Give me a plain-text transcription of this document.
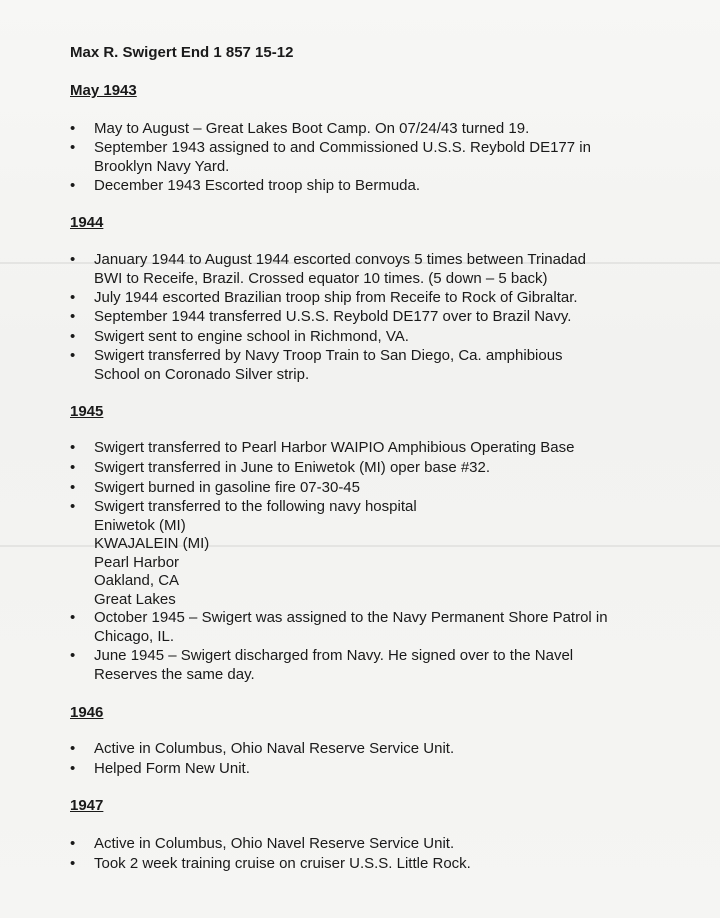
Max R. Swigert End 1 857 15-12
May 1943
•	May to August – Great Lakes Boot Camp. On 07/24/43 turned 19.
•	September 1943 assigned to and Commissioned U.S.S. Reybold DE177 in
Brooklyn Navy Yard.
•	December 1943 Escorted troop ship to Bermuda.
1944
•	January 1944 to August 1944 escorted convoys 5 times between Trinadad
BWI to Receife, Brazil. Crossed equator 10 times. (5 down – 5 back)
•	July 1944 escorted Brazilian troop ship from Receife to Rock of Gibraltar.
•	September 1944 transferred U.S.S. Reybold DE177 over to Brazil Navy.
•	Swigert sent to engine school in Richmond, VA.
•	Swigert transferred by Navy Troop Train to San Diego, Ca. amphibious
School on Coronado Silver strip.
1945
•	Swigert transferred to Pearl Harbor WAIPIO Amphibious Operating Base
•	Swigert transferred in June to Eniwetok (MI) oper base #32.
•	Swigert burned in gasoline fire 07-30-45
•	Swigert transferred to the following navy hospital
Eniwetok (MI)
KWAJALEIN (MI)
Pearl Harbor
Oakland, CA
Great Lakes
•	October 1945 – Swigert was assigned to the Navy Permanent Shore Patrol in
Chicago, IL.
•	June 1945 – Swigert discharged from Navy. He signed over to the Navel
Reserves the same day.
1946
•	Active in Columbus, Ohio Naval Reserve Service Unit.
•	Helped Form New Unit.
1947
•	Active in Columbus, Ohio Navel Reserve Service Unit.
•	Took 2 week training cruise on cruiser U.S.S. Little Rock.
